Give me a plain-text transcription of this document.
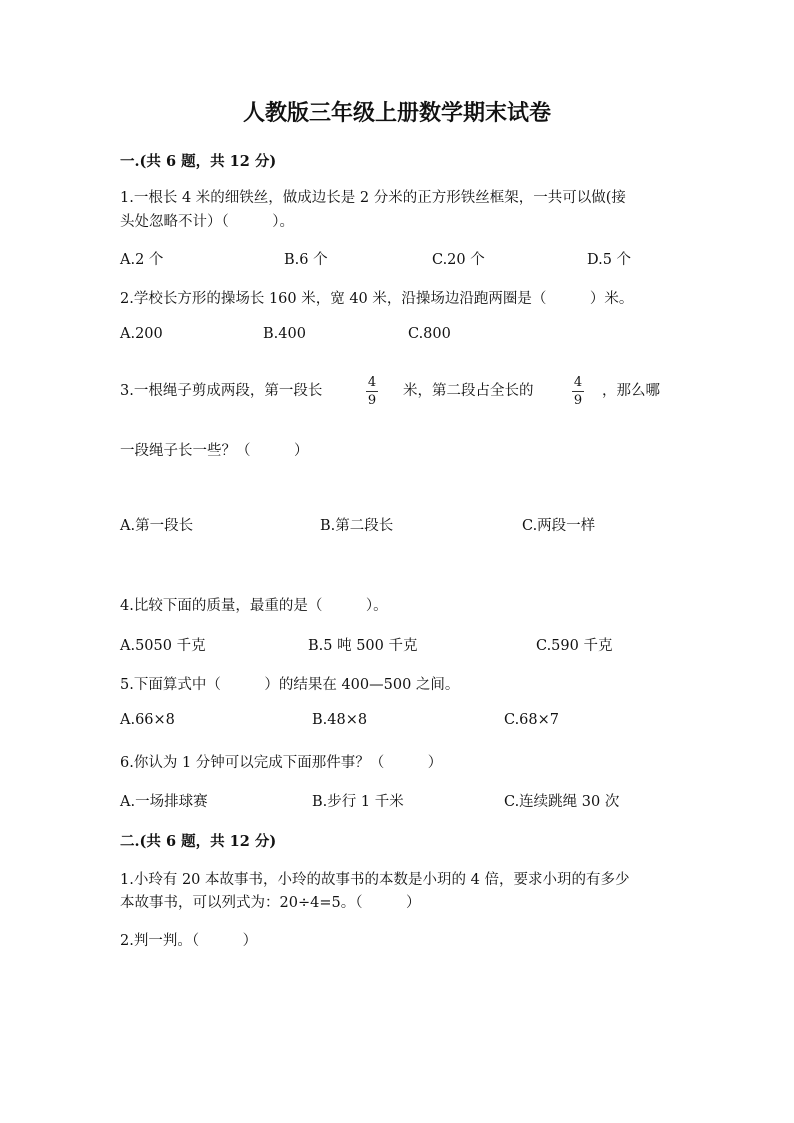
人教版三年级上册数学期末试卷
一.(共 6 题，共 12 分)
1.一根长 4 米的细铁丝，做成边长是 2 分米的正方形铁丝框架，一共可以做(接
头处忽略不计）（　　　）。
A.2 个	B.6 个	C.20 个	D.5 个
2.学校长方形的操场长 160 米，宽 40 米，沿操场边沿跑两圈是（　　　）米。
A.200	B.400	C.800
3.一根绳子剪成两段，第一段长
4
9
米，第二段占全长的
4
9
，那么哪
一段绳子长一些？（　　　）
A.第一段长	B.第二段长	C.两段一样
4.比较下面的质量，最重的是（　　　）。
A.5050 千克	B.5 吨 500 千克	C.590 千克
5.下面算式中（　　　）的结果在 400—500 之间。
A.66×8	B.48×8	C.68×7
6.你认为 1 分钟可以完成下面那件事？（　　　）
A.一场排球赛	B.步行 1 千米	C.连续跳绳 30 次
二.(共 6 题，共 12 分)
1.小玲有 20 本故事书，小玲的故事书的本数是小玥的 4 倍，要求小玥的有多少
本故事书，可以列式为：20÷4=5。（　　　）
2.判一判。（　　　）
